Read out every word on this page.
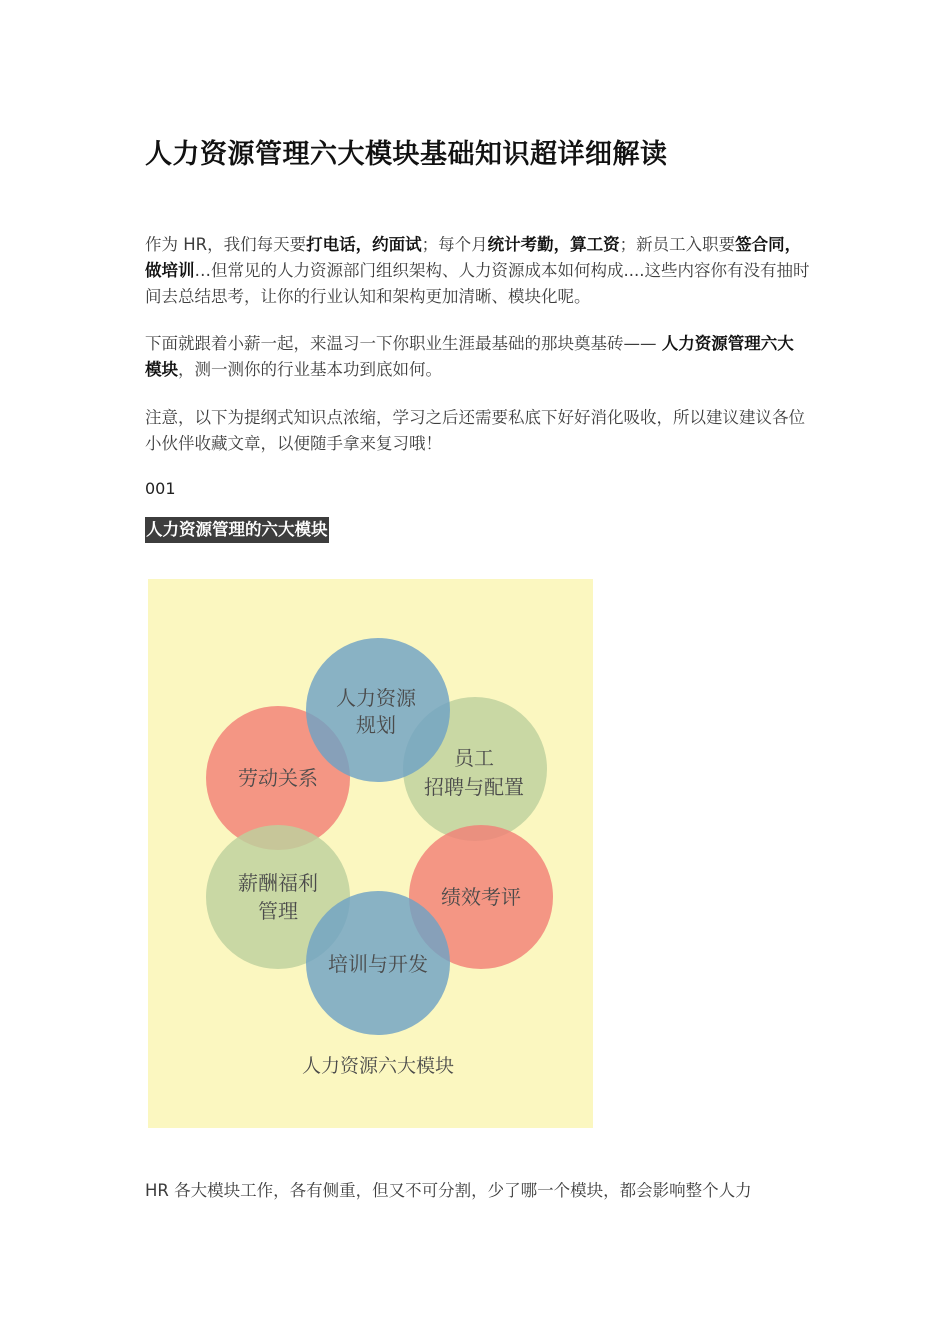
人力资源管理六大模块基础知识超详细解读

作为 HR，我们每天要打电话，约面试；每个月统计考勤，算工资；新员工入职要签合同，做培训…但常见的人力资源部门组织架构、人力资源成本如何构成....这些内容你有没有抽时间去总结思考，让你的行业认知和架构更加清晰、模块化呢。

下面就跟着小薪一起，来温习一下你职业生涯最基础的那块奠基砖—— 人力资源管理六大模块，测一测你的行业基本功到底如何。

注意，以下为提纲式知识点浓缩，学习之后还需要私底下好好消化吸收，所以建议建议各位小伙伴收藏文章，以便随手拿来复习哦！

001

人力资源管理的六大模块

HR 各大模块工作，各有侧重，但又不可分割，少了哪一个模块，都会影响整个人力

人力资源
规划
员工
招聘与配置
劳动关系
绩效考评
薪酬福利
管理
培训与开发
人力资源六大模块
